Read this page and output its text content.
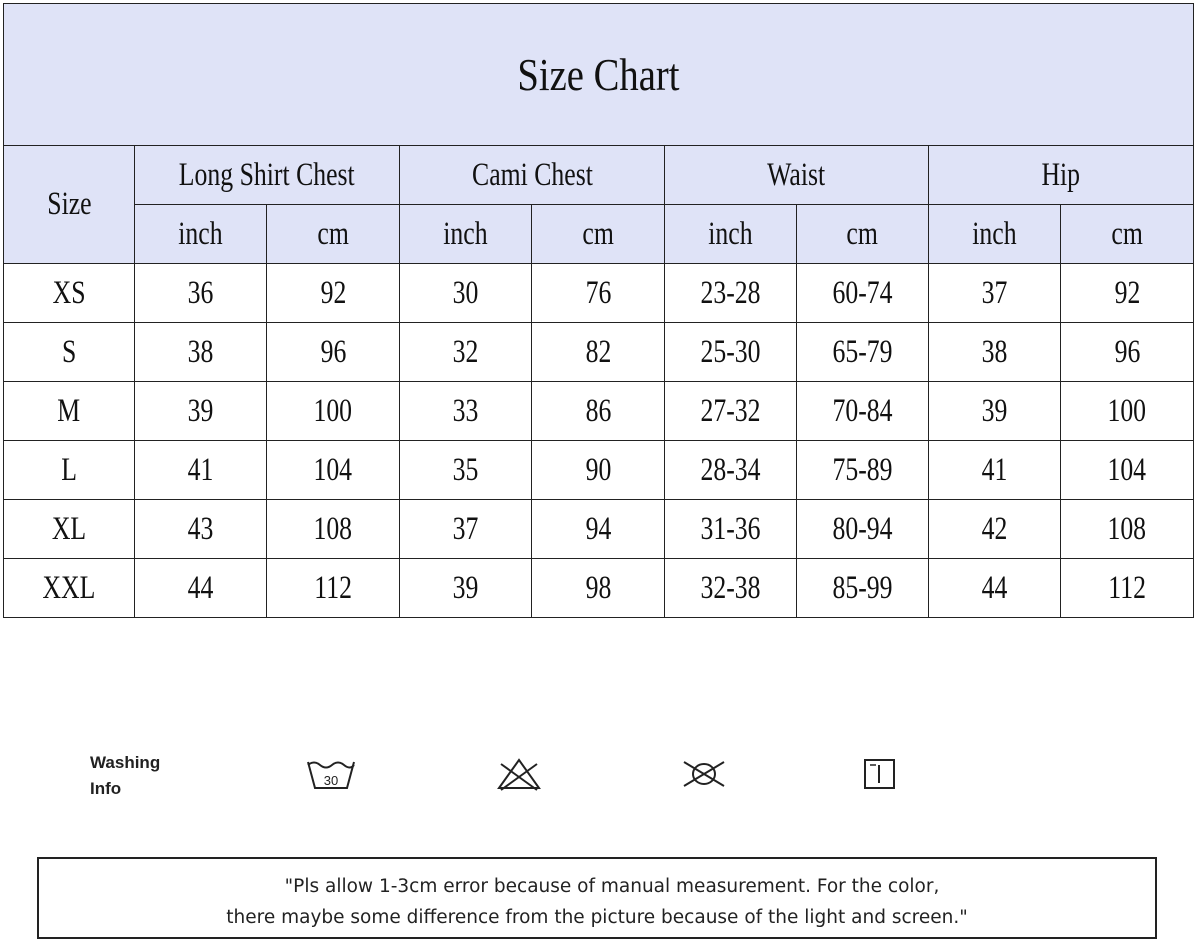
Size Chart								
Size	Long Shirt Chest		Cami Chest		Waist		Hip	
	inch	cm	inch	cm	inch	cm	inch	cm
XS	36	92	30	76	23-28	60-74	37	92
S	38	96	32	82	25-30	65-79	38	96
M	39	100	33	86	27-32	70-84	39	100
L	41	104	35	90	28-34	75-89	41	104
XL	43	108	37	94	31-36	80-94	42	108
XXL	44	112	39	98	32-38	85-99	44	112
Washing
Info	30
"Pls allow 1-3cm error because of manual measurement. For the color,
there maybe some difference from the picture because of the light and screen."
